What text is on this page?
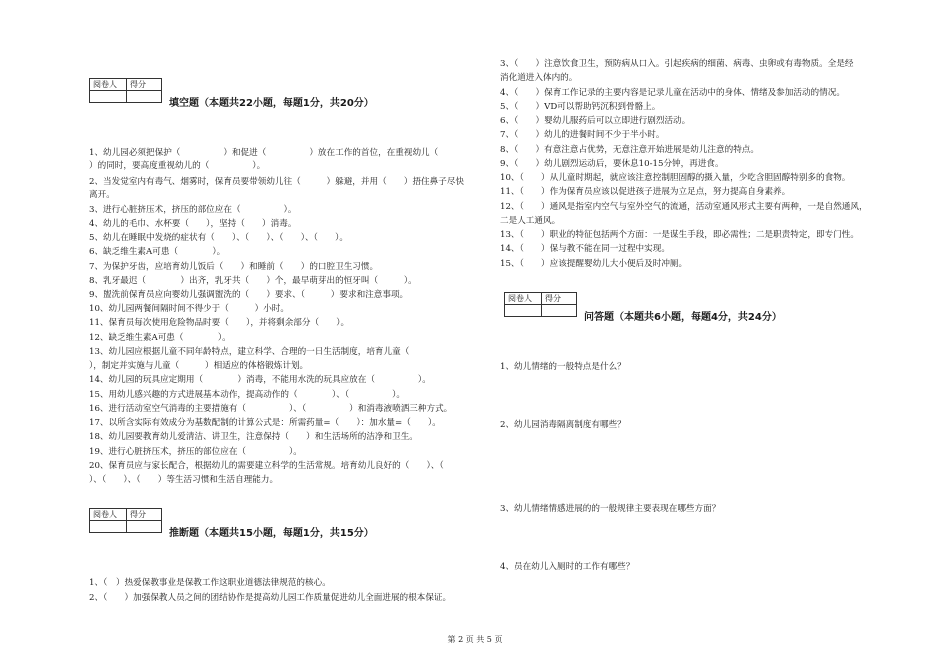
阅卷人	得分

填空题（本题共22小题，每题1分，共20分）
1、幼儿园必须把保护（　　　　　）和促进（　　　　　）放在工作的首位，在重视幼儿（
）的同时，要高度重视幼儿的（　　　　　）。
2、当发觉室内有毒气、烟雾时，保育员要带领幼儿往（　　　）躲避，并用（　　）捂住鼻子尽快
离开。
3、进行心脏挤压术，挤压的部位应在（　　　　　）。
4、幼儿的毛巾、水杯要（　　），坚持（　　）消毒。
5、幼儿在睡眠中发烧的症状有（　　）、（　　）、（　　）、（　　）。
6、缺乏维生素A可患（　　　　）。
7、为保护牙齿，应培育幼儿饭后（　　）和睡前（　　）的口腔卫生习惯。
8、乳牙最迟（　　　　）出齐，乳牙共（　　）个，最早萌芽出的恒牙叫（　　　）。
9、盥洗前保育员应向婴幼儿强调盥洗的（　　）要求、（　　　）要求和注意事项。
10、幼儿园两餐间隔时间不得少于（　　　）小时。
11、保育员每次使用危险物品时要（　　），并将剩余部分（　　）。
12、缺乏维生素A可患（　　　　）。
13、幼儿园应根据儿童不同年龄特点，建立科学、合理的一日生活制度，培育儿童（
），制定并实施与儿童（　　　）相适应的体格锻炼计划。
14、幼儿园的玩具应定期用（　　　　）消毒，不能用水洗的玩具应放在（　　　　　）。
15、用幼儿感兴趣的方式进展基本动作，提高动作的（　　　　）、（　　　　　）。
16、进行活动室空气消毒的主要措施有（　　　　　）、（　　　　　）和消毒液喷洒三种方式。
17、以所含实际有效成分为基数配制的计算公式是：所需药量=（　　）：加水量=（　　）。
18、幼儿园要教育幼儿爱清洁、讲卫生，注意保持（　　）和生活场所的洁净和卫生。
19、进行心脏挤压术，挤压的部位应在（　　　　　）。
20、保育员应与家长配合，根据幼儿的需要建立科学的生活常规。培育幼儿良好的（　　）、（
）、（　　）、（　　）等生活习惯和生活自理能力。
阅卷人	得分

推断题（本题共15小题，每题1分，共15分）
1、（　）热爱保教事业是保教工作这职业道德法律规范的核心。
2、（　　）加强保教人员之间的团结协作是提高幼儿园工作质量促进幼儿全面进展的根本保证。
3、（　　）注意饮食卫生，预防病从口入。引起疾病的细菌、病毒、虫卵或有毒物质。全是经
消化道进入体内的。
4、（　　）保育工作记录的主要内容是记录儿童在活动中的身体、情绪及参加活动的情况。
5、（　　）VD可以帮助钙沉积到骨骼上。
6、（　　）婴幼儿服药后可以立即进行剧烈活动。
7、（　　）幼儿的进餐时间不少于半小时。
8、（　　）有意注意占优势，无意注意开始进展是幼儿注意的特点。
9、（　　）幼儿剧烈运动后，要休息10-15分钟，再进食。
10、（　　）从儿童时期起，就应该注意控制胆固醇的摄入量，少吃含胆固醇特别多的食物。
11、（　　）作为保育员应该以促进孩子进展为立足点，努力提高自身素养。
12、（　　）通风是指室内空气与室外空气的流通，活动室通风形式主要有两种，一是自然通风，
二是人工通风。
13、（　　）职业的特征包括两个方面：一是谋生手段，即必需性；二是职责特定，即专门性。
14、（　　）保与教不能在同一过程中实现。
15、（　　）应该提醒婴幼儿大小便后及时冲厕。
阅卷人	得分

问答题（本题共6小题，每题4分，共24分）
1、幼儿情绪的一般特点是什么？
2、幼儿园消毒隔离制度有哪些？
3、幼儿情绪情感进展的的一般规律主要表现在哪些方面？
4、员在幼儿入厕时的工作有哪些？
第 2 页 共 5 页
